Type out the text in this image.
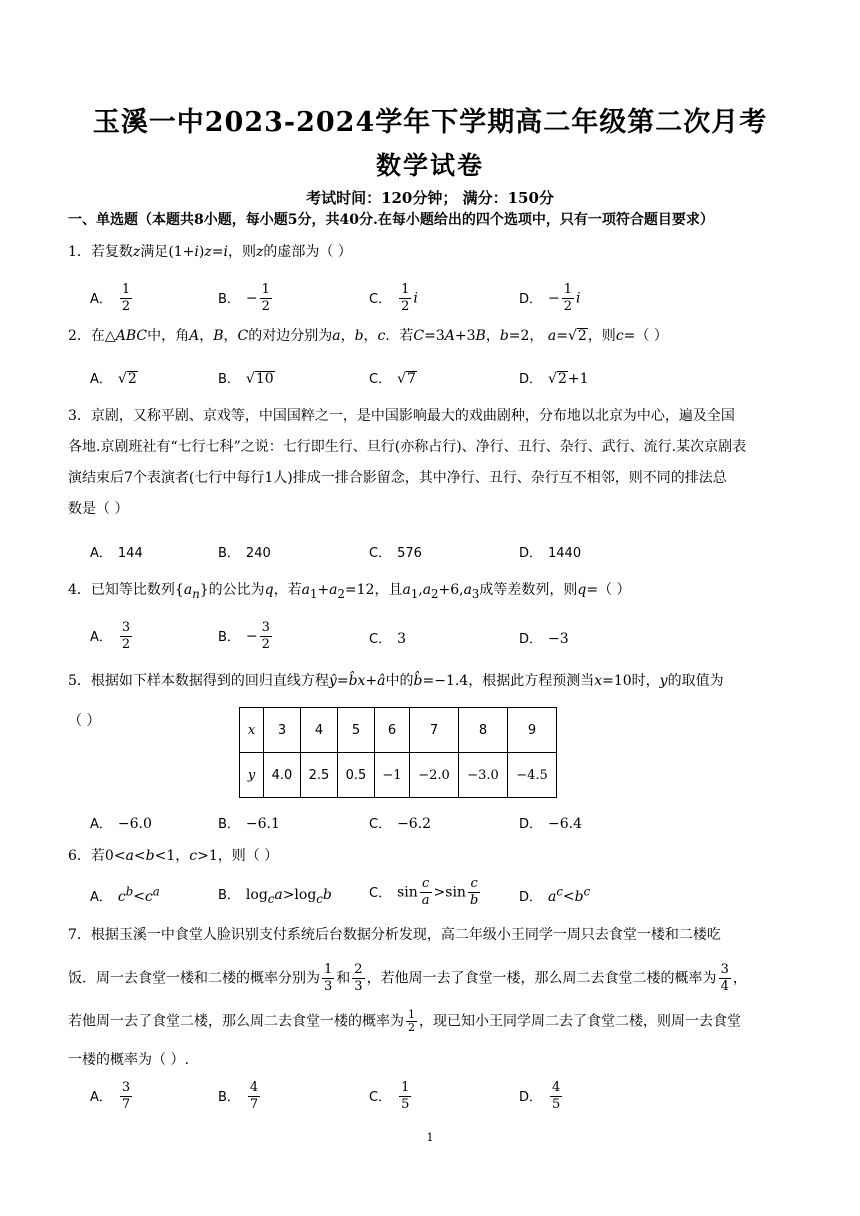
玉溪一中2023-2024学年下学期高二年级第二次月考
数学试卷
考试时间：120分钟； 满分：150分
一、单选题（本题共8小题，每小题5分，共40分.在每小题给出的四个选项中，只有一项符合题目要求）
1．若复数z满足(1+i)z=i，则z的虚部为（ ）
A． $\frac{1}{2}$	B． − $\frac{1}{2}$	C． $\frac{1}{2}$ i	D． − $\frac{1}{2}$ i
2．在△ABC中，角A，B，C的对边分别为a，b，c．若C=3A+3B，b=2， a=√2，则c=（ ）
A． √2	B． √10	C． √7	D． √2+1
3．京剧，又称平剧、京戏等，中国国粹之一，是中国影响最大的戏曲剧种，分布地以北京为中心，遍及全国
各地.京剧班社有“七行七科”之说：七行即生行、旦行(亦称占行)、净行、丑行、杂行、武行、流行.某次京剧表
演结束后7个表演者(七行中每行1人)排成一排合影留念，其中净行、丑行、杂行互不相邻，则不同的排法总
数是（ ）
A． 144	B． 240	C． 576	D． 1440
4．已知等比数列$\{a_n\}$的公比为q，若$a_1+a_2=12$，且$a_1,a_2+6,a_3$成等差数列，则q=（ ）
A． $\frac{3}{2}$	B． − $\frac{3}{2}$	C． 3	D． −3
5．根据如下样本数据得到的回归直线方程ŷ=b̂x+â中的b̂=−1.4，根据此方程预测当x=10时，y的取值为
（ ）
x	3	4	5	6	7	8	9
y	4.0	2.5	0.5	−1	−2.0	−3.0	−4.5
A． −6.0	B． −6.1	C． −6.2	D． −6.4
6．若0<a<b<1，c>1，则（ ）
A． $c^b<c^a$	B． $\log_ca>\log_cb$	C． $\sin \frac{c}{a} >\sin \frac{c}{b}$	D． $a^c<b^c$
7．根据玉溪一中食堂人脸识别支付系统后台数据分析发现，高二年级小王同学一周只去食堂一楼和二楼吃
饭．周一去食堂一楼和二楼的概率分别为 $\frac{1}{3}$ 和 $\frac{2}{3}$ ，若他周一去了食堂一楼，那么周二去食堂二楼的概率为 $\frac{3}{4}$ ，
若他周一去了食堂二楼，那么周二去食堂一楼的概率为 $\frac{1}{2}$ ，现已知小王同学周二去了食堂二楼，则周一去食堂
一楼的概率为（ ）.
A． $\frac{3}{7}$	B． $\frac{4}{7}$	C． $\frac{1}{5}$	D． $\frac{4}{5}$
1
